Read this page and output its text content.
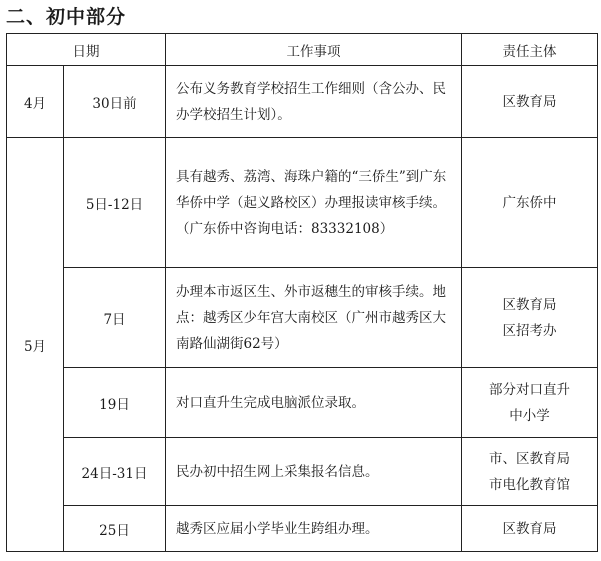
二、初中部分
日期		工作事项	责任主体
4月	30日前	公布义务教育学校招生工作细则（含公办、民办学校招生计划）。	区教育局

5月	5日-12日	具有越秀、荔湾、海珠户籍的“三侨生”到广东华侨中学（起义路校区）办理报读审核手续。（广东侨中咨询电话：83332108）	广东侨中

	7日	办理本市返区生、外市返穗生的审核手续。地点：越秀区少年宫大南校区（广州市越秀区大南路仙湖街62号）	区教育局
区招考办

	19日	对口直升生完成电脑派位录取。	部分对口直升
中小学

	24日-31日	民办初中招生网上采集报名信息。	市、区教育局
市电化教育馆

	25日	越秀区应届小学毕业生跨组办理。	区教育局
